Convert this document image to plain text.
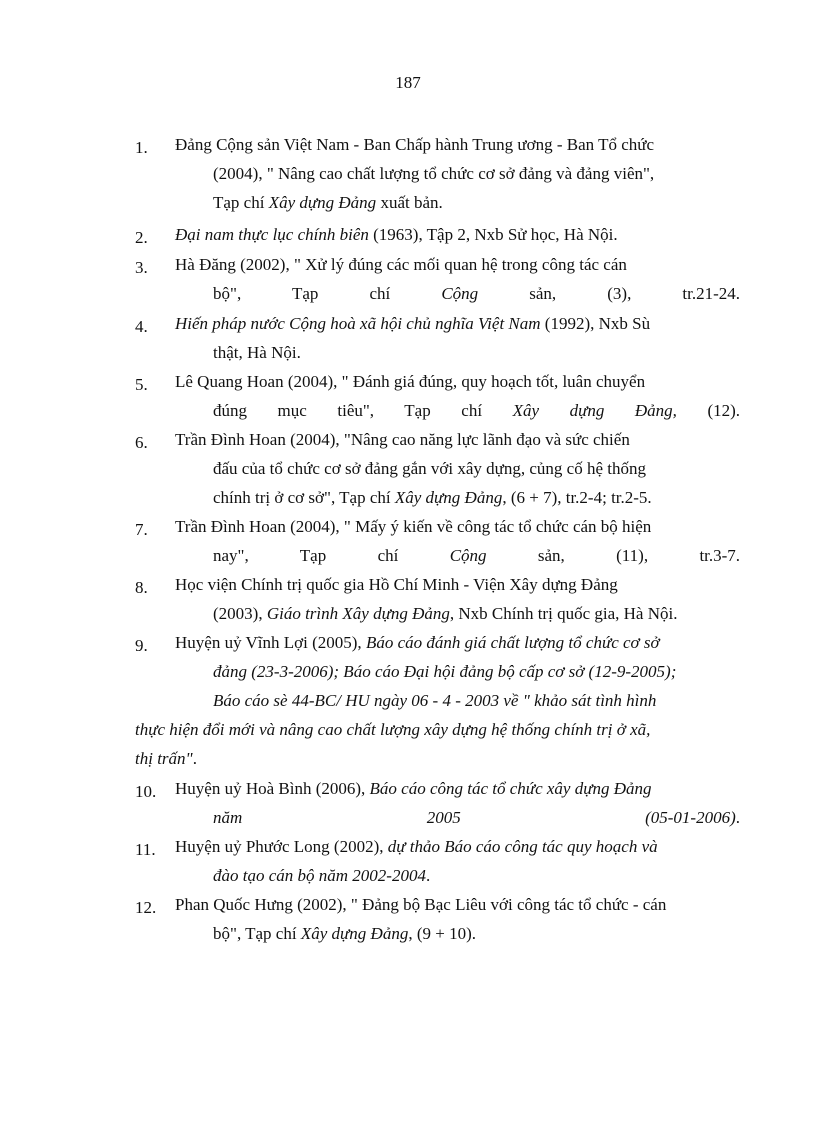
187
1. Đảng Cộng sản Việt Nam - Ban Chấp hành Trung ương - Ban Tổ chức
(2004), " Nâng cao chất lượng tổ chức cơ sở đảng và đảng viên",
Tạp chí Xây dựng Đảng xuất bản.
2. Đại nam thực lục chính biên (1963), Tập 2, Nxb Sử học, Hà Nội.
3. Hà Đăng (2002), " Xử lý đúng các mối quan hệ trong công tác cán
bộ",	Tạp	chí	Cộng	sản,	(3),	tr.21-24.
4. Hiến pháp nước Cộng hoà xã hội chủ nghĩa Việt Nam (1992), Nxb Sù
thật, Hà Nội.
5. Lê Quang Hoan (2004), " Đánh giá đúng, quy hoạch tốt, luân chuyển
đúng mục tiêu", Tạp chí Xây dựng Đảng, (12).
6. Trần Đình Hoan (2004), "Nâng cao năng lực lãnh đạo và sức chiến
đấu của tổ chức cơ sở đảng gắn với xây dựng, củng cố hệ thống
chính trị ở cơ sở", Tạp chí Xây dựng Đảng, (6 + 7), tr.2-4; tr.2-5.
7. Trần Đình Hoan (2004), " Mấy ý kiến về công tác tổ chức cán bộ hiện
nay",	Tạp	chí	Cộng	sản,	(11),	tr.3-7.
8. Học viện Chính trị quốc gia Hồ Chí Minh - Viện Xây dựng Đảng
(2003), Giáo trình Xây dựng Đảng, Nxb Chính trị quốc gia, Hà Nội.
9. Huyện uỷ Vĩnh Lợi (2005), Báo cáo đánh giá chất lượng tổ chức cơ sở
đảng (23-3-2006); Báo cáo Đại hội đảng bộ cấp cơ sở (12-9-2005);
Báo cáo sè 44-BC/ HU ngày 06 - 4 - 2003 về " khảo sát tình hình
thực hiện đổi mới và nâng cao chất lượng xây dựng hệ thống chính trị ở xã,
thị trấn".
10. Huyện uỷ Hoà Bình (2006), Báo cáo công tác tổ chức xây dựng Đảng
năm	2005	(05-01-2006).
11. Huyện uỷ Phước Long (2002), dự thảo Báo cáo công tác quy hoạch và
đào tạo cán bộ năm 2002-2004.
12. Phan Quốc Hưng (2002), " Đảng bộ Bạc Liêu với công tác tổ chức - cán
bộ", Tạp chí Xây dựng Đảng, (9 + 10).
